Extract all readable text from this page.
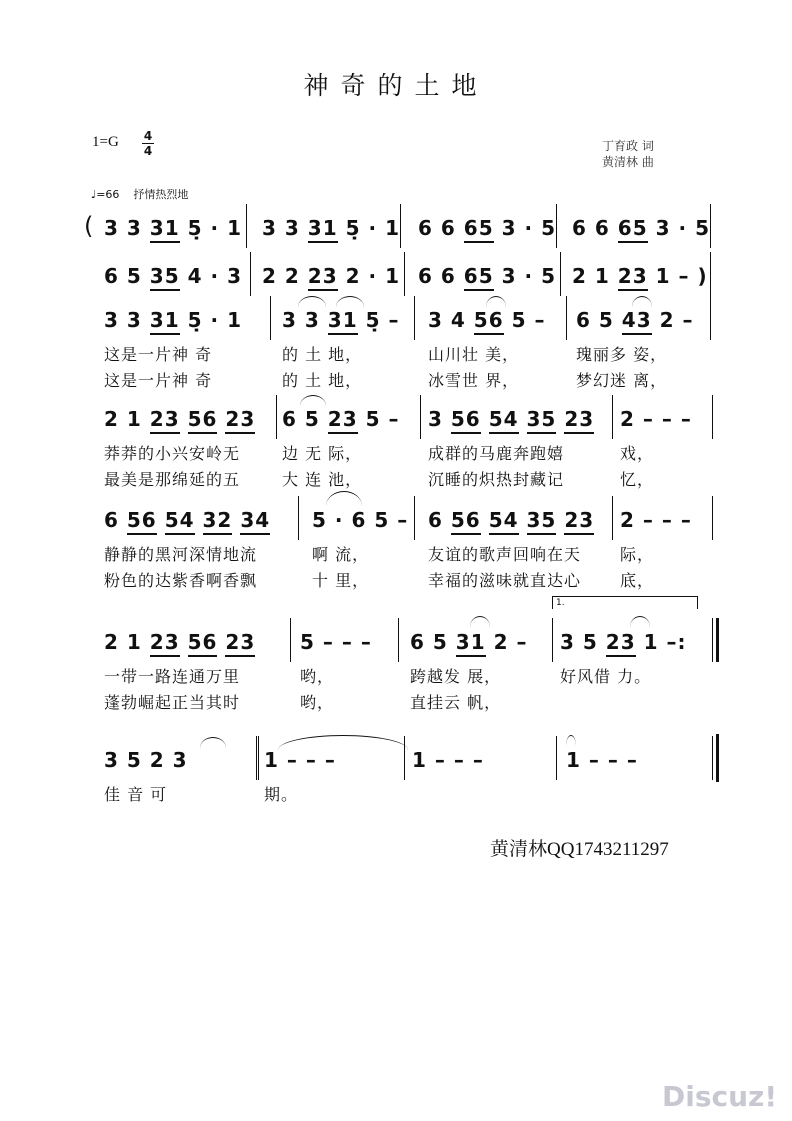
神奇的土地
1=G 4
4	丁育政 词
黄清林 曲
♩=66 抒情热烈地
( 3 3 31 5̣ · 1 3 3 31 5̣ · 1 6 6 65 3 · 5 6 6 65 3 · 5
6 5 35 4 · 3 2 2 23 2 · 1 6 6 65 3 · 5 2 1 23 1 – )
3 3 31 5̣ · 1
这是一片神 奇
这是一片神 奇
3 3 31 5̣ –
的 土 地，
的 土 地，
3 4 56 5 –
山川壮 美，
冰雪世 界，
6 5 43 2 –
瑰丽多 姿，
梦幻迷 离，
2 1 23 56 23
莽莽的小兴安岭无
最美是那绵延的五
6 5 23 5 –
边 无 际，
大 连 池，
3 56 54 35 23
成群的马鹿奔跑嬉
沉睡的炽热封藏记
2 – – –
戏，
忆，
6 56 54 32 34
静静的黑河深情地流
粉色的达紫香啊香飘
5 · 6 5 –
啊 流，
十 里，
6 56 54 35 23
友谊的歌声回响在天
幸福的滋味就直达心
2 – – –
际，
底，
2 1 23 56 23
一带一路连通万里
蓬勃崛起正当其时
5 – – –
哟，
哟，
6 5 31 2 –
跨越发 展，
直挂云 帆，
3 5 23 1 –:
好风借 力。
1.
3 5 2 3
佳 音 可
1 – – –
期。
1 – – –	1 – – –
黄清林QQ1743211297
Discuz!
